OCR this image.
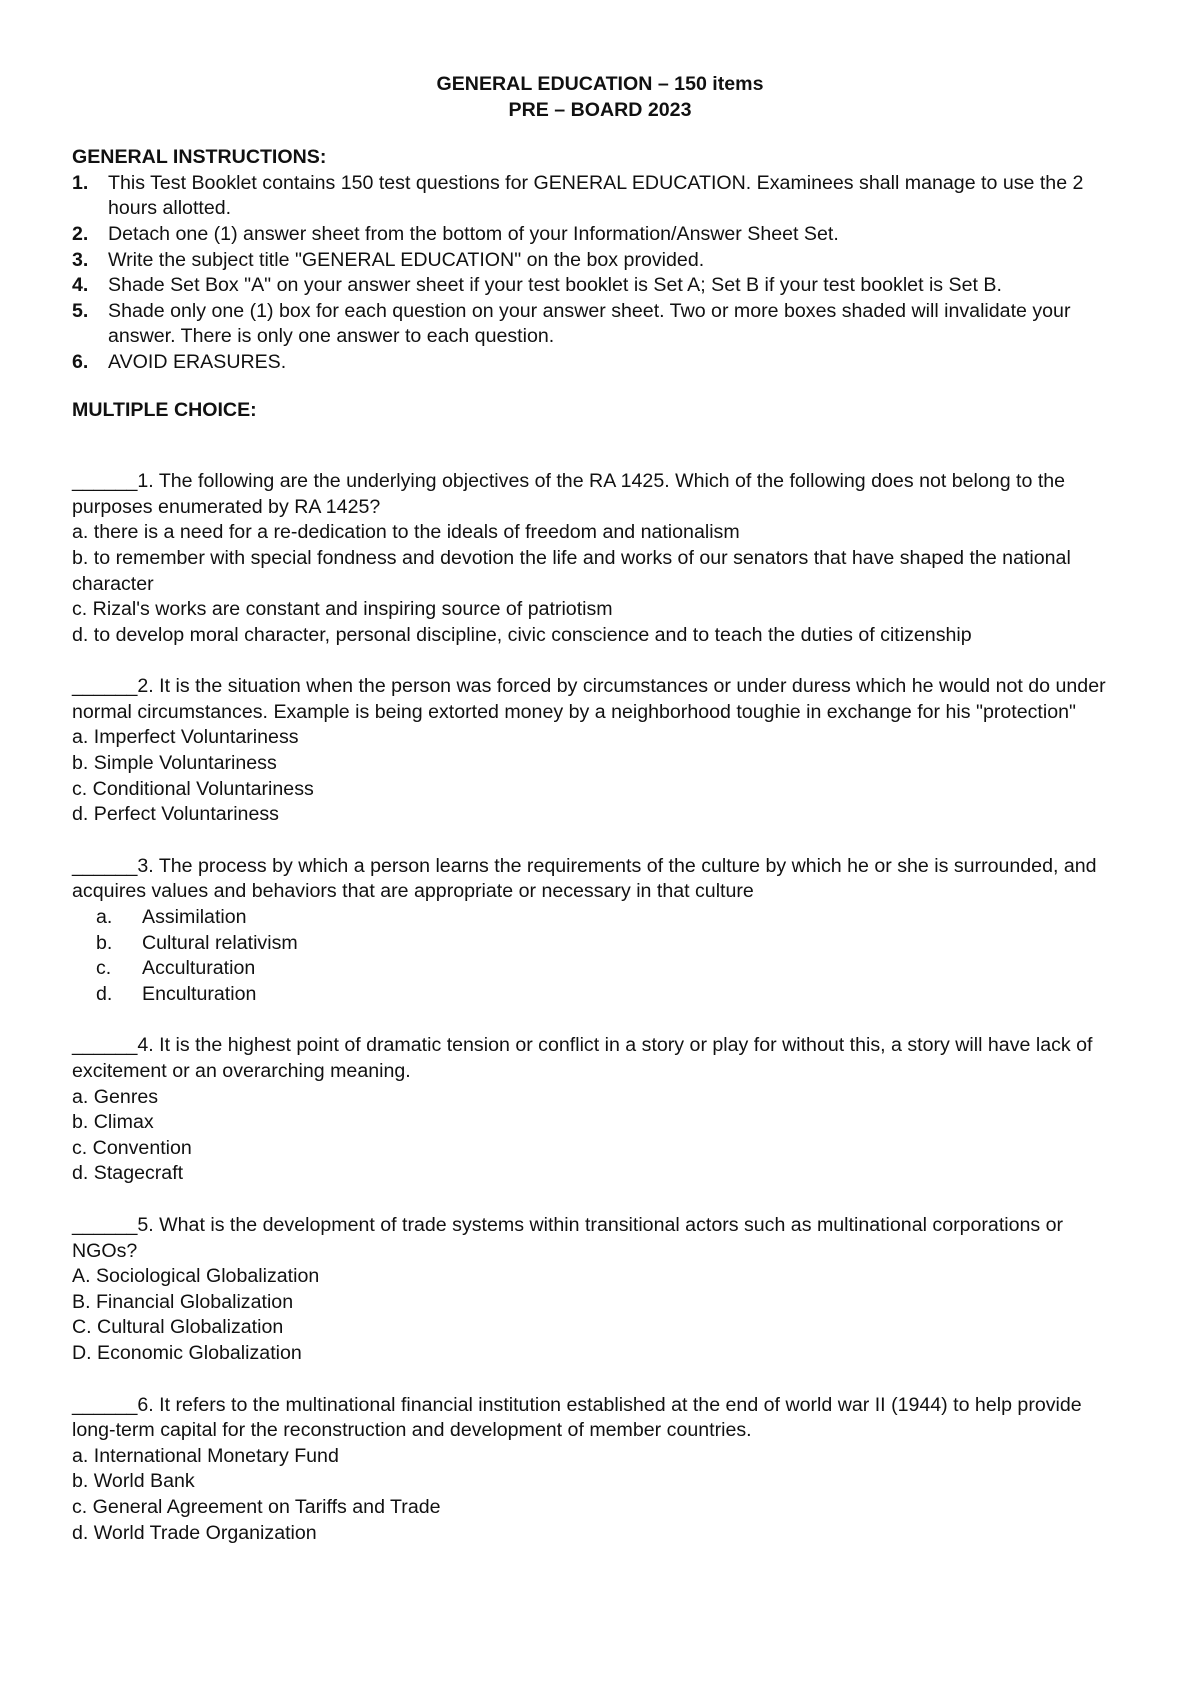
GENERAL EDUCATION – 150 items
PRE – BOARD 2023
GENERAL INSTRUCTIONS:
1.	This Test Booklet contains 150 test questions for GENERAL EDUCATION. Examinees shall manage to use the 2 hours allotted.
2.	Detach one (1) answer sheet from the bottom of your Information/Answer Sheet Set.
3.	Write the subject title "GENERAL EDUCATION" on the box provided.
4.	Shade Set Box "A" on your answer sheet if your test booklet is Set A; Set B if your test booklet is Set B.
5.	Shade only one (1) box for each question on your answer sheet. Two or more boxes shaded will invalidate your answer. There is only one answer to each question.
6.	AVOID ERASURES.
MULTIPLE CHOICE:
______1. The following are the underlying objectives of the RA 1425. Which of the following does not belong to the purposes enumerated by RA 1425?
a. there is a need for a re-dedication to the ideals of freedom and nationalism
b. to remember with special fondness and devotion the life and works of our senators that have shaped the national character
c. Rizal's works are constant and inspiring source of patriotism
d. to develop moral character, personal discipline, civic conscience and to teach the duties of citizenship
______2. It is the situation when the person was forced by circumstances or under duress which he would not do under normal circumstances. Example is being extorted money by a neighborhood toughie in exchange for his "protection"
a. Imperfect Voluntariness
b. Simple Voluntariness
c. Conditional Voluntariness
d. Perfect Voluntariness
______3. The process by which a person learns the requirements of the culture by which he or she is surrounded, and acquires values and behaviors that are appropriate or necessary in that culture
a.	Assimilation
b.	Cultural relativism
c.	Acculturation
d.	Enculturation
______4. It is the highest point of dramatic tension or conflict in a story or play for without this, a story will have lack of excitement or an overarching meaning.
a. Genres
b. Climax
c. Convention
d. Stagecraft
______5. What is the development of trade systems within transitional actors such as multinational corporations or NGOs?
A. Sociological Globalization
B. Financial Globalization
C. Cultural Globalization
D. Economic Globalization
______6. It refers to the multinational financial institution established at the end of world war II (1944) to help provide long-term capital for the reconstruction and development of member countries.
a. International Monetary Fund
b. World Bank
c. General Agreement on Tariffs and Trade
d. World Trade Organization
